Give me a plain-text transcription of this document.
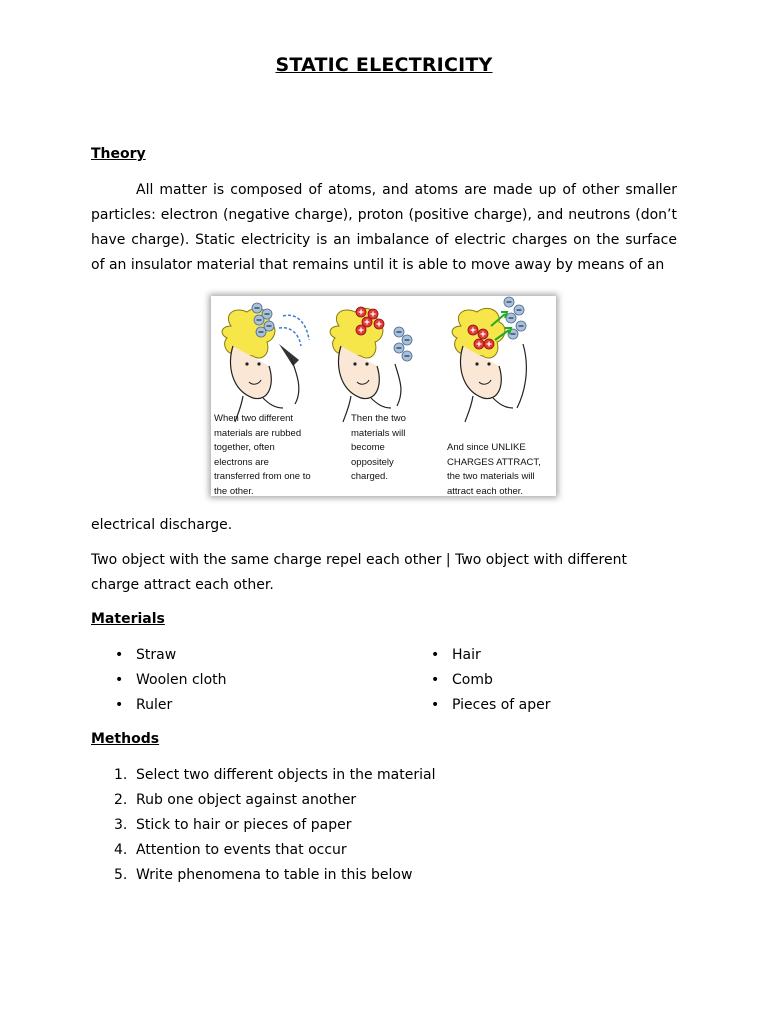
STATIC ELECTRICITY
Theory
All matter is composed of atoms, and atoms are made up of other smaller particles: electron (negative charge), proton (positive charge), and neutrons (don’t have charge). Static electricity is an imbalance of electric charges on the surface of an insulator material that remains until it is able to move away by means of an
When two different
materials are rubbed
together, often
electrons are
transferred from one to
the other.
Then the two
materials will
become
oppositely
charged.
And since UNLIKE
CHARGES ATTRACT,
the two materials will
attract each other.
electrical discharge.
Two object with the same charge repel each other | Two object with different charge attract each other.
Materials
• Straw
• Woolen cloth
• Ruler
• Hair
• Comb
• Pieces of aper
Methods
1. Select two different objects in the material
2. Rub one object against another
3. Stick to hair or pieces of paper
4. Attention to events that occur
5. Write phenomena to table in this below
